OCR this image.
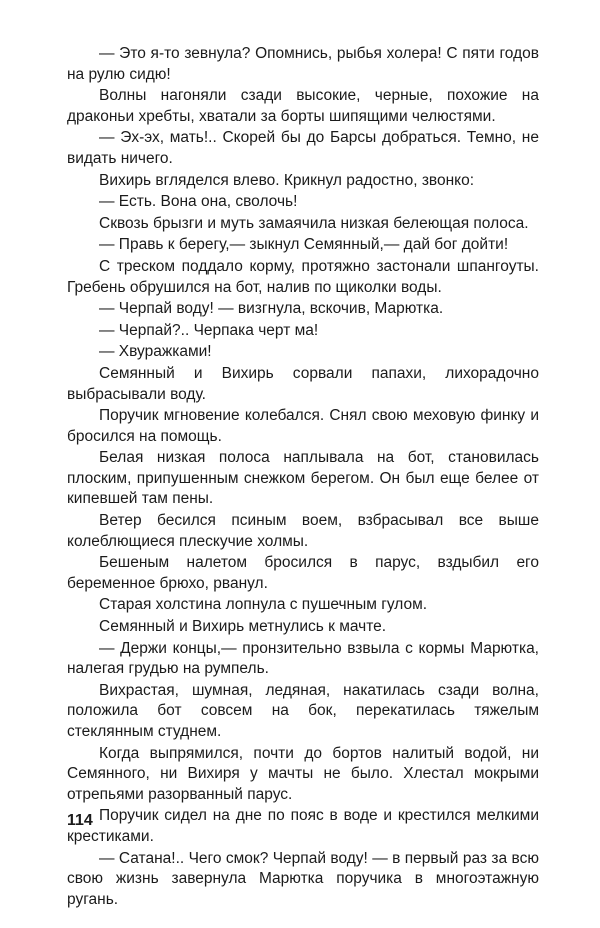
— Это я-то зевнула? Опомнись, рыбья холера! С пяти годов на рулю сидю!

Волны нагоняли сзади высокие, черные, похожие на драконьи хребты, хватали за борты шипящими челюстями.

— Эх-эх, мать!.. Скорей бы до Барсы добраться. Темно, не видать ничего.

Вихирь вгляделся влево. Крикнул радостно, звонко:

— Есть. Вона она, сволочь!

Сквозь брызги и муть замаячила низкая белеющая полоса.

— Правь к берегу,— зыкнул Семянный,— дай бог дойти!

С треском поддало корму, протяжно застонали шпангоуты. Гребень обрушился на бот, налив по щиколки воды.

— Черпай воду! — визгнула, вскочив, Марютка.

— Черпай?.. Черпака черт ма!

— Хвуражками!

Семянный и Вихирь сорвали папахи, лихорадочно выбрасывали воду.

Поручик мгновение колебался. Снял свою меховую финку и бросился на помощь.

Белая низкая полоса наплывала на бот, становилась плоским, припушенным снежком берегом. Он был еще белее от кипевшей там пены.

Ветер бесился псиным воем, взбрасывал все выше колеблющиеся плескучие холмы.

Бешеным налетом бросился в парус, вздыбил его беременное брюхо, рванул.

Старая холстина лопнула с пушечным гулом.

Семянный и Вихирь метнулись к мачте.

— Держи концы,— пронзительно взвыла с кормы Марютка, налегая грудью на румпель.

Вихрастая, шумная, ледяная, накатилась сзади волна, положила бот совсем на бок, перекатилась тяжелым стеклянным студнем.

Когда выпрямился, почти до бортов налитый водой, ни Семянного, ни Вихиря у мачты не было. Хлестал мокрыми отрепьями разорванный парус.

Поручик сидел на дне по пояс в воде и крестился мелкими крестиками.

— Сатана!.. Чего смок? Черпай воду! — в первый раз за всю свою жизнь завернула Марютка поручика в многоэтажную ругань.

114
